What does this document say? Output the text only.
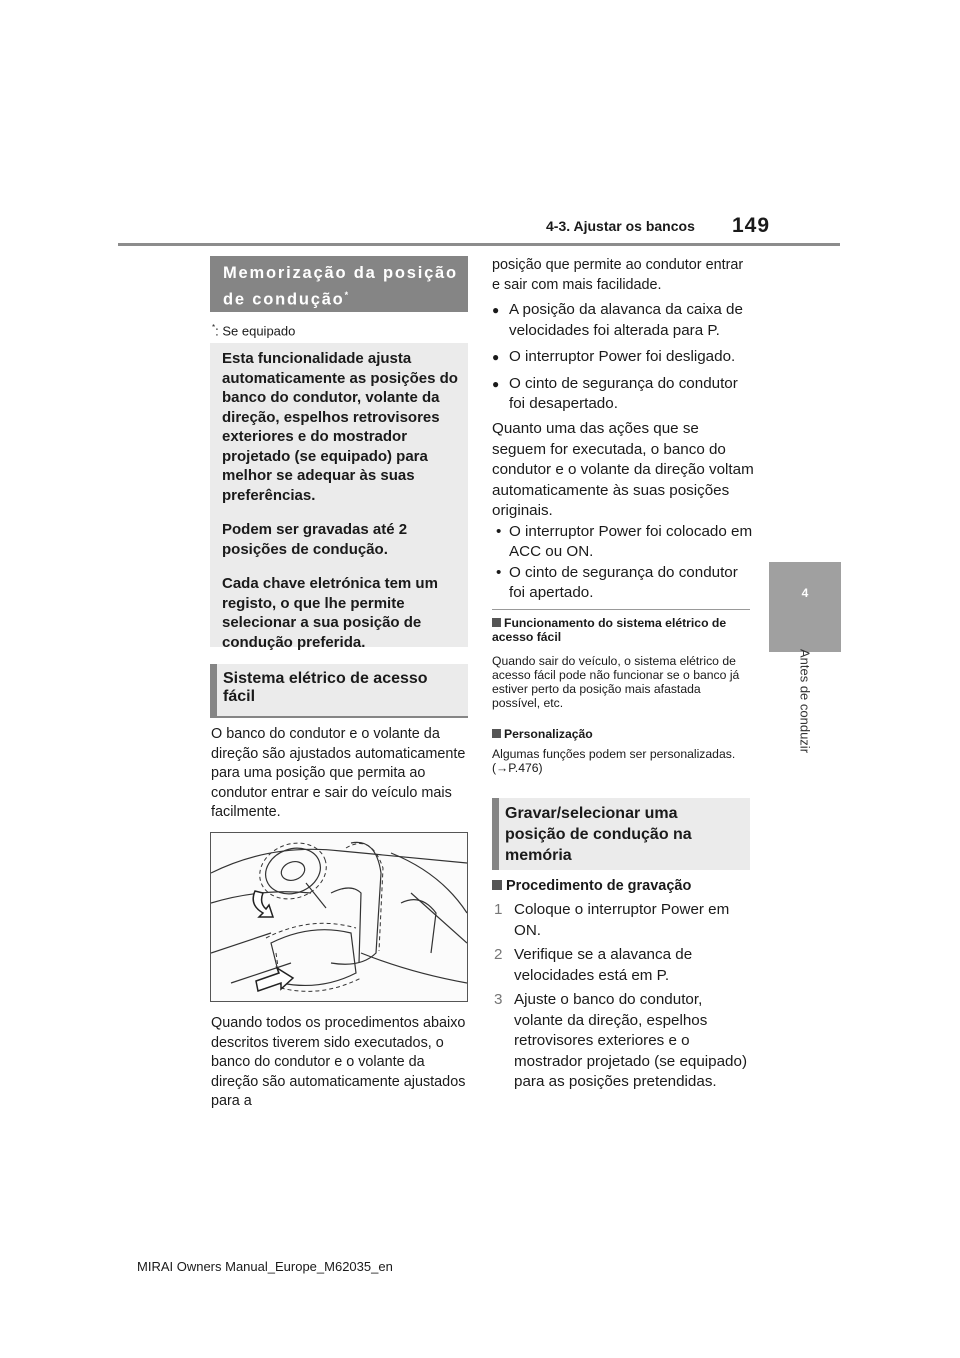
4-3. Ajustar os bancos 149
4
Antes de conduzir
Memorização da posição de condução*
*: Se equipado

Esta funcionalidade ajusta automaticamente as posições do banco do condutor, volante da direção, espelhos retrovisores exteriores e do mostrador projetado (se equipado) para melhor se adequar às suas preferências.

Podem ser gravadas até 2 posições de condução.

Cada chave eletrónica tem um registo, o que lhe permite selecionar a sua posição de condução preferida.

Sistema elétrico de acesso fácil
O banco do condutor e o volante da direção são ajustados automaticamente para uma posição que permita ao condutor entrar e sair do veículo mais facilmente.
Quando todos os procedimentos abaixo descritos tiverem sido executados, o banco do condutor e o volante da direção são automaticamente ajustados para a
posição que permite ao condutor entrar e sair com mais facilidade.
● A posição da alavanca da caixa de velocidades foi alterada para P.
● O interruptor Power foi desligado.
● O cinto de segurança do condutor foi desapertado.
Quanto uma das ações que se seguem for executada, o banco do condutor e o volante da direção voltam automaticamente às suas posições originais.
• O interruptor Power foi colocado em ACC ou ON.
• O cinto de segurança do condutor foi apertado.
Funcionamento do sistema elétrico de acesso fácil
Quando sair do veículo, o sistema elétrico de acesso fácil pode não funcionar se o banco já estiver perto da posição mais afastada possível, etc.
Personalização
Algumas funções podem ser personalizadas. (→P.476)
Gravar/selecionar uma posição de condução na memória
Procedimento de gravação
1 Coloque o interruptor Power em ON.
2 Verifique se a alavanca de velocidades está em P.
3 Ajuste o banco do condutor, volante da direção, espelhos retrovisores exteriores e o mostrador projetado (se equipado) para as posições pretendidas.
MIRAI Owners Manual_Europe_M62035_en
